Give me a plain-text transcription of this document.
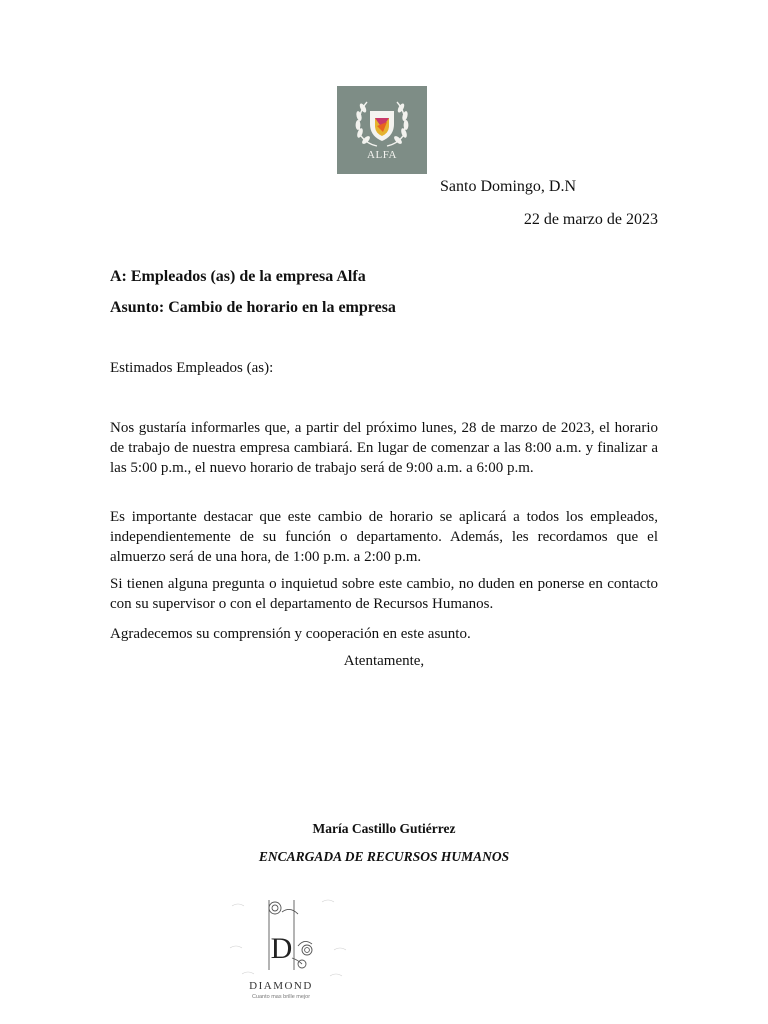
ALFA
Santo Domingo, D.N
22 de marzo de 2023
A: Empleados (as) de la empresa Alfa
Asunto: Cambio de horario en la empresa
Estimados Empleados (as):
Nos gustaría informarles que, a partir del próximo lunes, 28 de marzo de 2023, el horario de trabajo de nuestra empresa cambiará. En lugar de comenzar a las 8:00 a.m. y finalizar a las 5:00 p.m., el nuevo horario de trabajo será de 9:00 a.m. a 6:00 p.m.
Es importante destacar que este cambio de horario se aplicará a todos los empleados, independientemente de su función o departamento. Además, les recordamos que el almuerzo será de una hora, de 1:00 p.m. a 2:00 p.m.
Si tienen alguna pregunta o inquietud sobre este cambio, no duden en ponerse en contacto con su supervisor o con el departamento de Recursos Humanos.
Agradecemos su comprensión y cooperación en este asunto.
Atentamente,
María Castillo Gutiérrez
ENCARGADA DE RECURSOS HUMANOS
D
DIAMOND
Cuanto mas brille mejor
